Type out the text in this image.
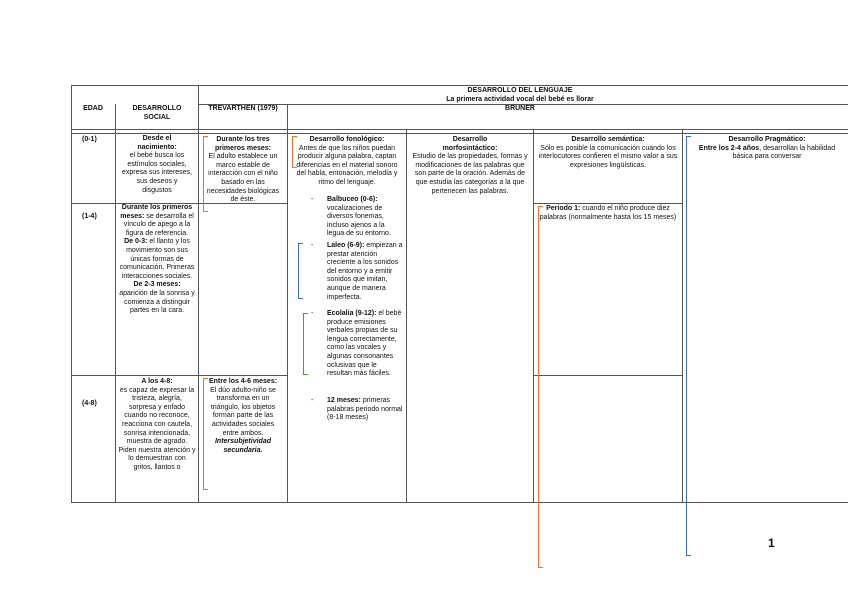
DESARROLLO DEL LENGUAJE
La primera actividad vocal del bebé es llorar
EDAD	DESARROLLO SOCIAL
TREVARTHEN (1979)	BRUNER
(0-1)
(1-4)
(4-8)
Desde el nacimiento:
el bebé busca los estímulos sociales, expresa sus intereses, sus deseos y disgustos
Durante los primeros meses: se desarrolla el vínculo de apego a la figura de referencia.
De 0-3: el llanto y los movimiento son sus únicas formas de comunicación. Primeras interacciones sociales.
De 2-3 meses:
aparición de la sonrisa y comienza a distinguir partes en la cara.
A los 4-8:
es capaz de expresar la tristeza, alegría, sorpresa y enfado cuando no reconoce, reacciona con cautela, sonrisa intencionada, muestra de agrado. Piden nuestra atención y lo demuestran con gritos, llantos o
Durante los tres primeros meses:
El adulto establece un marco estable de interacción con el niño basado en las necesidades biológicas de éste.
Entre los 4-6 meses:
El dúo adulto-niño se transforma en un triángulo, los objetos forman parte de las actividades sociales entre ambos.
Intersubjetividad secundaria.
Desarrollo fonológico:
Antes de que los niños puedan producir alguna palabra, captan diferencias en el material sonoro del habla, entonación, melodía y ritmo del lenguaje.
- Balbuceo (0-6): vocalizaciones de diversos fonemas, incluso ajenos a la legua de su entorno.
- Laleo (6-9): empiezan a prestar atención creciente a los sonidos del entorno y a emitir sonidos que imitan, aunque de manera imperfecta.
- Ecolalia (9-12): el bebé produce emisiones verbales propias de su lengua correctamente, como las vocales y algunas consonantes oclusivas que le resultan más fáciles.
- 12 meses: primeras palabras periodo normal (8-18 meses)
Desarrollo morfosintáctico:
Estudio de las propiedades, formas y modificaciones de las palabras que son parte de la oración. Además de que estudia las categorías a la que pertenecen las palabras.
Desarrollo semántica:
Sólo es posible la comunicación cuando los interlocutores confieren el mismo valor a sus expresiones lingüísticas.
Periodo 1: cuando el niño produce diez palabras (normalmente hasta los 15 meses)
Desarrollo Pragmático:
Entre los 2-4 años, desarrollan la habilidad básica para conversar
1
